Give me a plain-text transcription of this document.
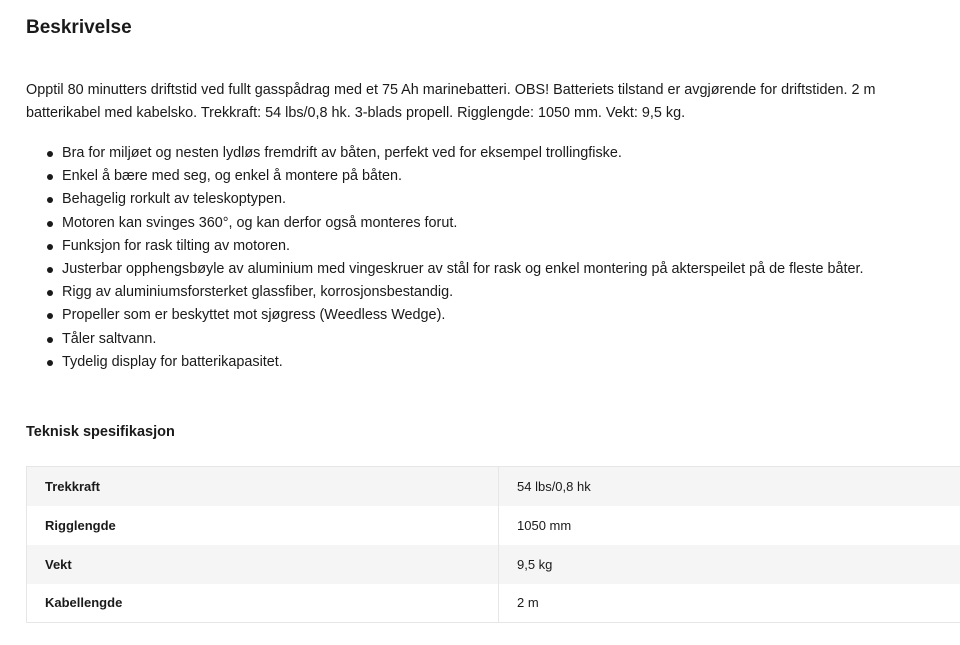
Beskrivelse

Opptil 80 minutters driftstid ved fullt gasspådrag med et 75 Ah marinebatteri. OBS! Batteriets tilstand er avgjørende for driftstiden. 2 m batterikabel med kabelsko. Trekkraft: 54 lbs/0,8 hk. 3-blads propell. Rigglengde: 1050 mm. Vekt: 9,5 kg.

Bra for miljøet og nesten lydløs fremdrift av båten, perfekt ved for eksempel trollingfiske.
Enkel å bære med seg, og enkel å montere på båten.
Behagelig rorkult av teleskoptypen.
Motoren kan svinges 360°, og kan derfor også monteres forut.
Funksjon for rask tilting av motoren.
Justerbar opphengsbøyle av aluminium med vingeskruer av stål for rask og enkel montering på akterspeilet på de fleste båter.
Rigg av aluminiumsforsterket glassfiber, korrosjonsbestandig.
Propeller som er beskyttet mot sjøgress (Weedless Wedge).
Tåler saltvann.
Tydelig display for batterikapasitet.
Teknisk spesifikasjon
Trekkraft	54 lbs/0,8 hk
Rigglengde	1050 mm
Vekt	9,5 kg
Kabellengde	2 m
